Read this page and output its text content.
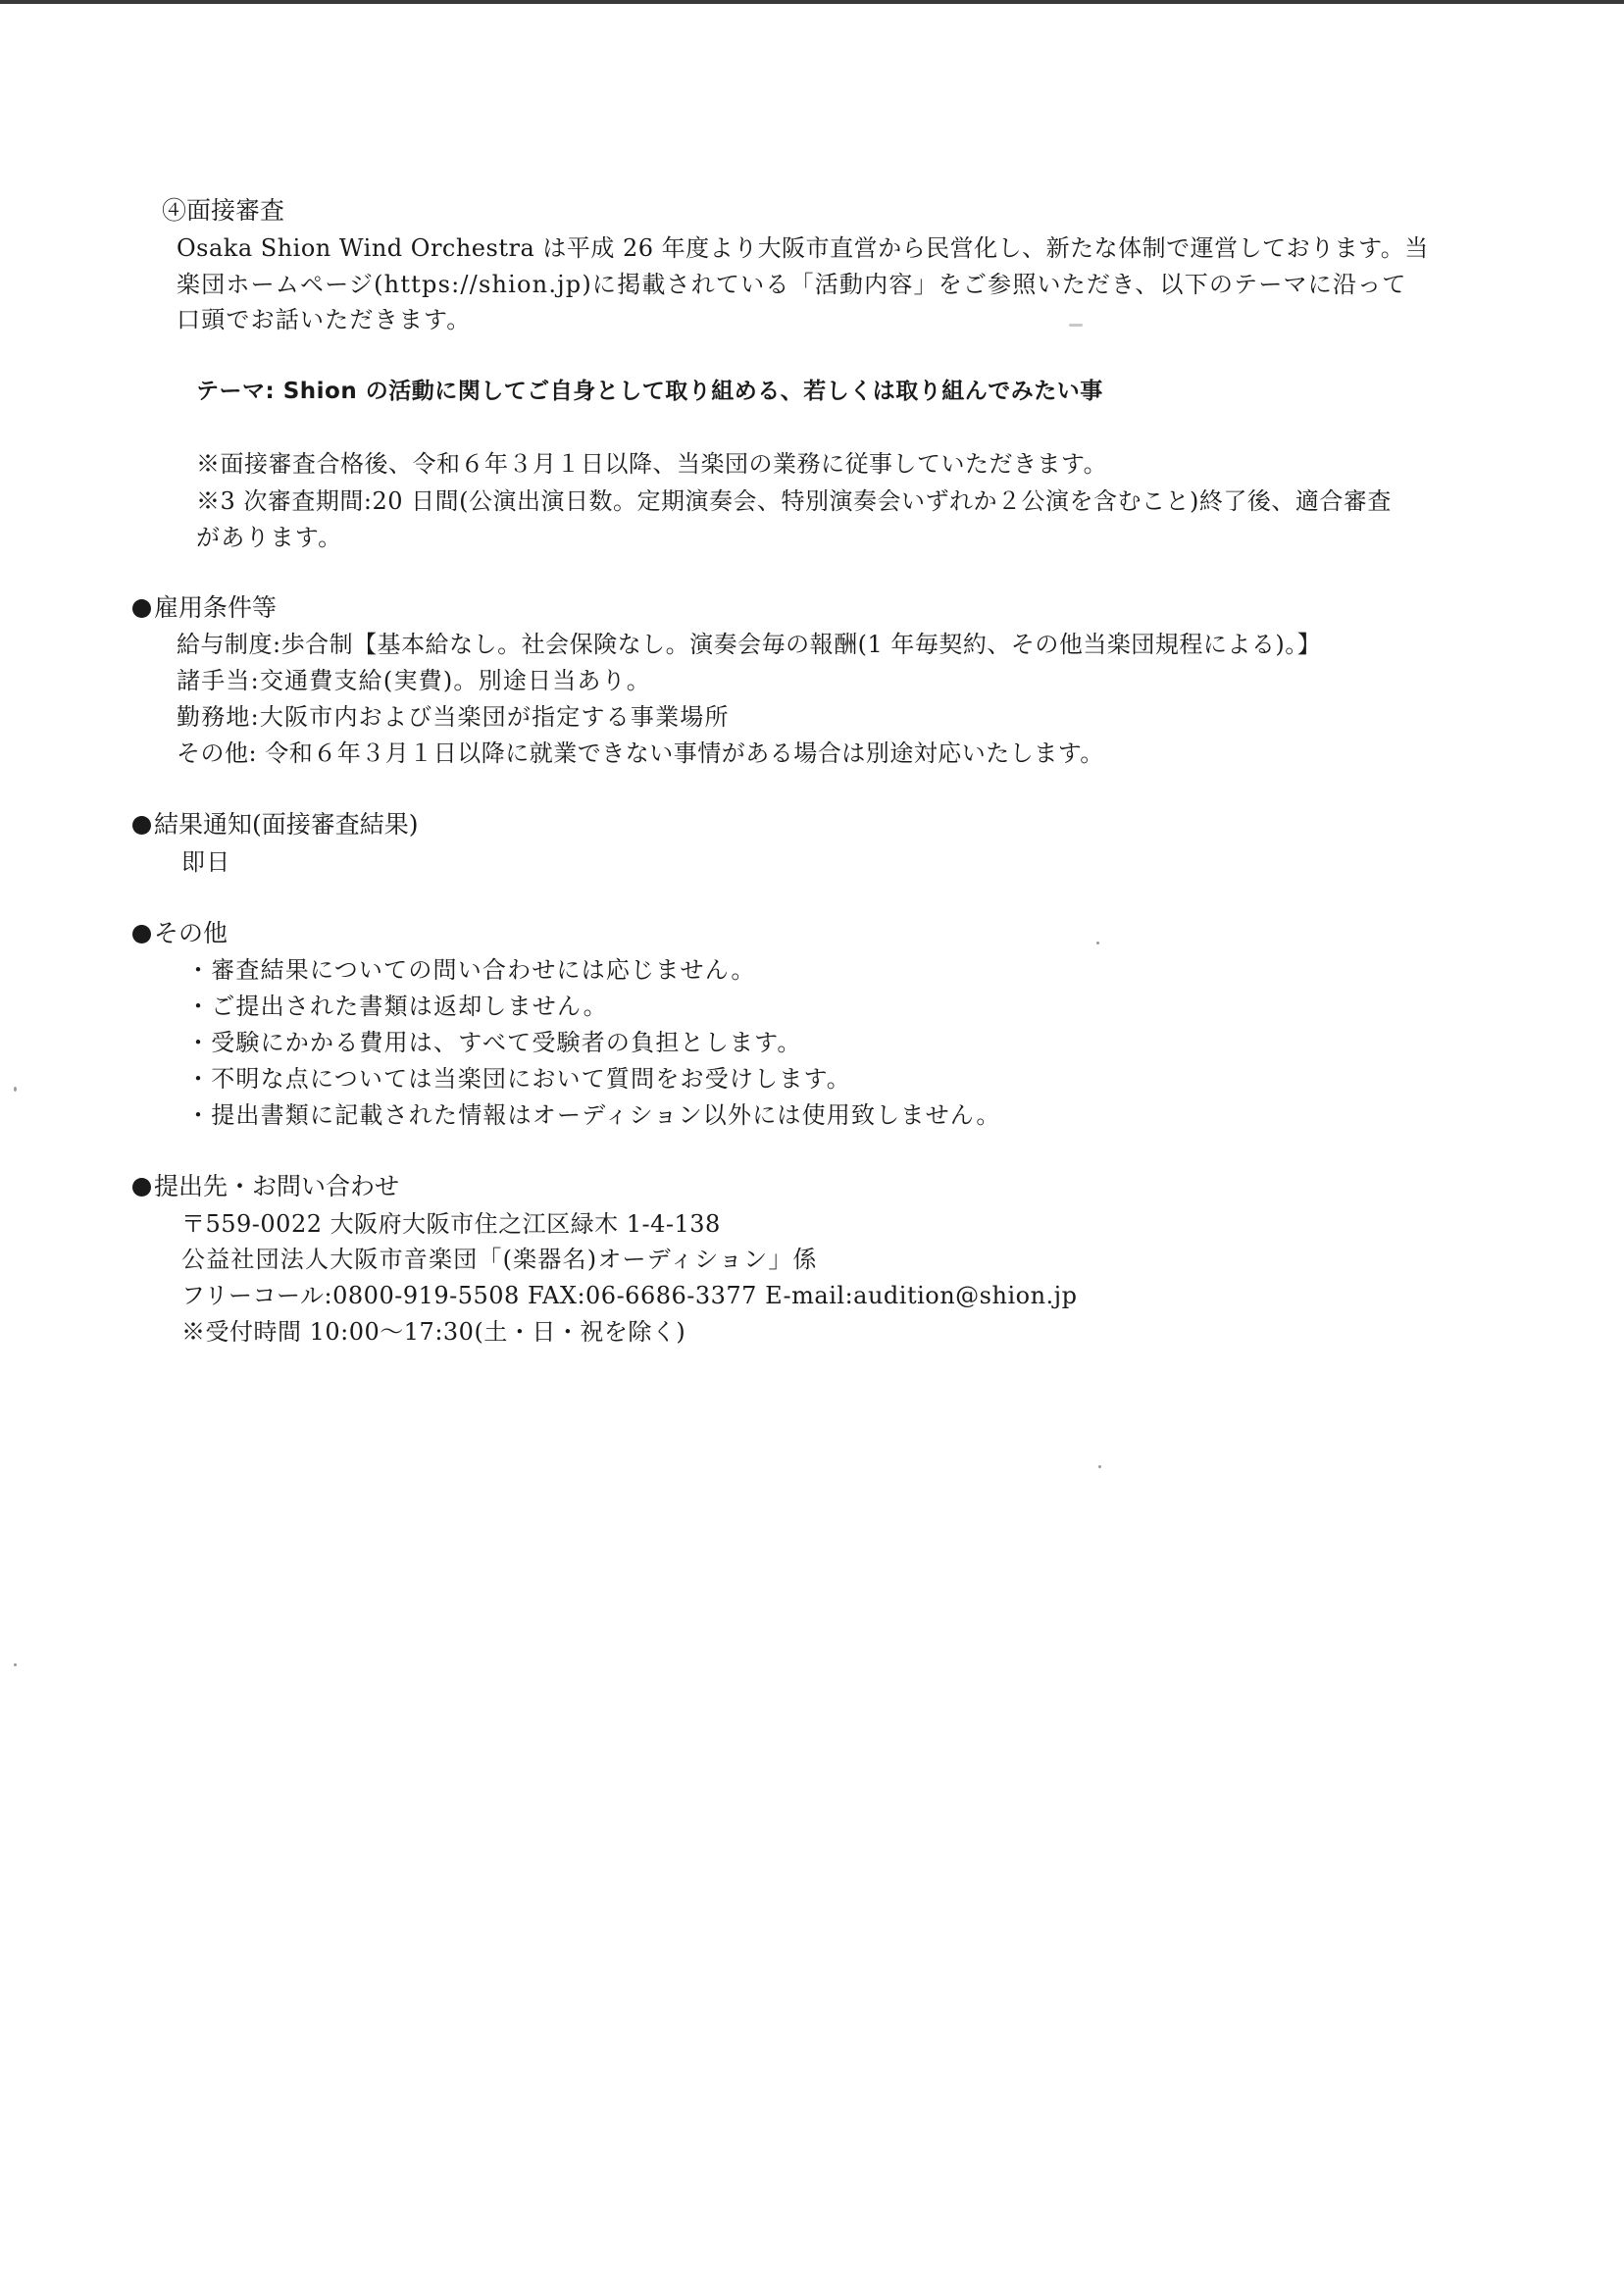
④面接審査
Osaka Shion Wind Orchestra は平成 26 年度より大阪市直営から民営化し、新たな体制で運営しております。当
楽団ホームページ(https://shion.jp)に掲載されている「活動内容」をご参照いただき、以下のテーマに沿って
口頭でお話いただきます。
テーマ: Shion の活動に関してご自身として取り組める、若しくは取り組んでみたい事
※面接審査合格後、令和６年３月１日以降、当楽団の業務に従事していただきます。
※3 次審査期間:20 日間(公演出演日数。定期演奏会、特別演奏会いずれか２公演を含むこと)終了後、適合審査
があります。
雇用条件等
給与制度:歩合制【基本給なし。社会保険なし。演奏会毎の報酬(1 年毎契約、その他当楽団規程による)。】
諸手当:交通費支給(実費)。別途日当あり。
勤務地:大阪市内および当楽団が指定する事業場所
その他: 令和６年３月１日以降に就業できない事情がある場合は別途対応いたします。
結果通知(面接審査結果)
即日
その他
・審査結果についての問い合わせには応じません。
・ご提出された書類は返却しません。
・受験にかかる費用は、すべて受験者の負担とします。
・不明な点については当楽団において質問をお受けします。
・提出書類に記載された情報はオーディション以外には使用致しません。
提出先・お問い合わせ
〒559-0022 大阪府大阪市住之江区緑木 1-4-138
公益社団法人大阪市音楽団「(楽器名)オーディション」係
フリーコール:0800-919-5508 FAX:06-6686-3377 E-mail:audition@shion.jp
※受付時間 10:00〜17:30(土・日・祝を除く)
